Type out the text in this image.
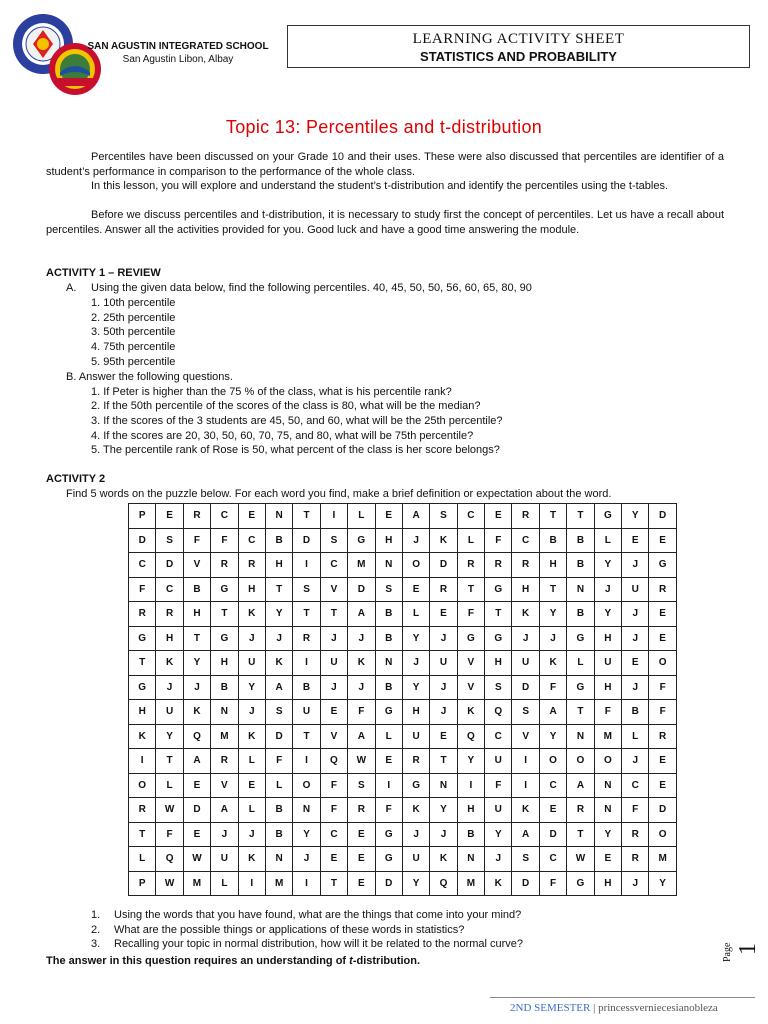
SAN AGUSTIN INTEGRATED SCHOOL
San Agustin Libon, Albay
LEARNING ACTIVITY SHEET
STATISTICS AND PROBABILITY
Topic 13: Percentiles and t-distribution
Percentiles have been discussed on your Grade 10 and their uses. These were also discussed that percentiles are identifier of a student’s performance in comparison to the performance of the whole class.
In this lesson, you will explore and understand the student’s t-distribution and identify the percentiles using the t-tables.
Before we discuss percentiles and t-distribution, it is necessary to study first the concept of percentiles. Let us have a recall about percentiles. Answer all the activities provided for you. Good luck and have a good time answering the module.
ACTIVITY 1 – REVIEW
A. Using the given data below, find the following percentiles. 40, 45, 50, 50, 56, 60, 65, 80, 90
1. 10th percentile
2. 25th percentile
3. 50th percentile
4. 75th percentile
5. 95th percentile
B. Answer the following questions.
1. If Peter is higher than the 75 % of the class, what is his percentile rank?
2. If the 50th percentile of the scores of the class is 80, what will be the median?
3. If the scores of the 3 students are 45, 50, and 60, what will be the 25th percentile?
4. If the scores are 20, 30, 50, 60, 70, 75, and 80, what will be 75th percentile?
5. The percentile rank of Rose is 50, what percent of the class is her score belongs?
ACTIVITY 2
Find 5 words on the puzzle below. For each word you find, make a brief definition or expectation about the word.
P	E	R	C	E	N	T	I	L	E	A	S	C	E	R	T	T	G	Y	D
D	S	F	F	C	B	D	S	G	H	J	K	L	F	C	B	B	L	E	E
C	D	V	R	R	H	I	C	M	N	O	D	R	R	R	H	B	Y	J	G
F	C	B	G	H	T	S	V	D	S	E	R	T	G	H	T	N	J	U	R
R	R	H	T	K	Y	T	T	A	B	L	E	F	T	K	Y	B	Y	J	E
G	H	T	G	J	J	R	J	J	B	Y	J	G	G	J	J	G	H	J	E
T	K	Y	H	U	K	I	U	K	N	J	U	V	H	U	K	L	U	E	O
G	J	J	B	Y	A	B	J	J	B	Y	J	V	S	D	F	G	H	J	F
H	U	K	N	J	S	U	E	F	G	H	J	K	Q	S	A	T	F	B	F
K	Y	Q	M	K	D	T	V	A	L	U	E	Q	C	V	Y	N	M	L	R
I	T	A	R	L	F	I	Q	W	E	R	T	Y	U	I	O	O	O	J	E
O	L	E	V	E	L	O	F	S	I	G	N	I	F	I	C	A	N	C	E
R	W	D	A	L	B	N	F	R	F	K	Y	H	U	K	E	R	N	F	D
T	F	E	J	J	B	Y	C	E	G	J	J	B	Y	A	D	T	Y	R	O
L	Q	W	U	K	N	J	E	E	G	U	K	N	J	S	C	W	E	R	M
P	W	M	L	I	M	I	T	E	D	Y	Q	M	K	D	F	G	H	J	Y
1. Using the words that you have found, what are the things that come into your mind?
2. What are the possible things or applications of these words in statistics?
3. Recalling your topic in normal distribution, how will it be related to the normal curve?
The answer in this question requires an understanding of t-distribution.	Page 1
2ND SEMESTER | princessverniecesianobleza
